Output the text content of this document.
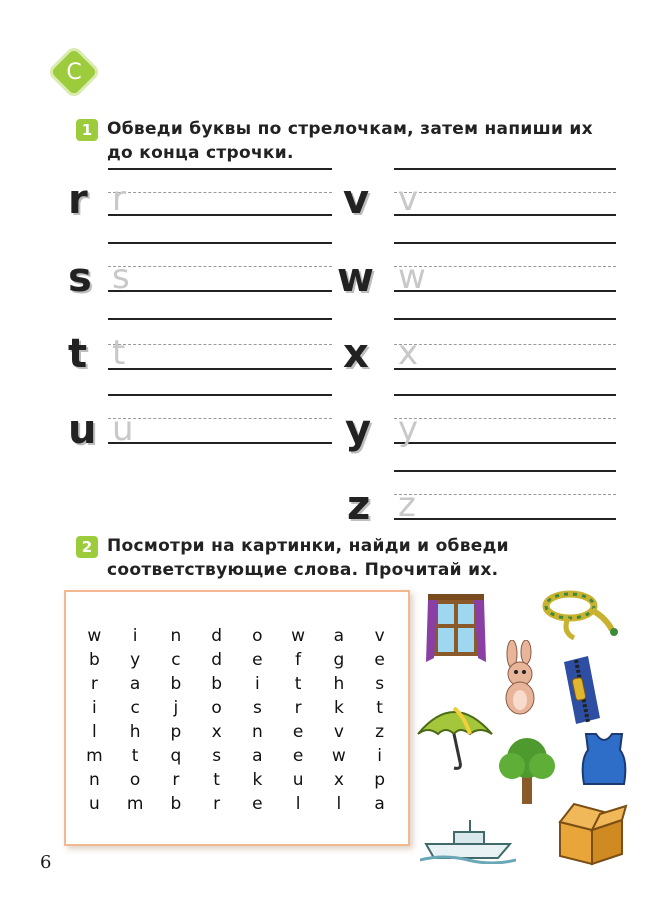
C
1 Обведи буквы по стрелочкам, затем напиши их
до конца строчки.
r r
s s
t t
u u
v v
w w
x x
y y
z z
2 Посмотри на картинки, найди и обведи
соответствующие слова. Прочитай их.
w	i	n	d	o	w	a	v
b	y	c	d	e	f	g	e
r	a	b	b	i	t	h	s
i	c	j	o	s	r	k	t
l	h	p	x	n	e	v	z
m	t	q	s	a	e	w	i
n	o	r	t	k	u	x	p
u	m	b	r	e	l	l	a
6
